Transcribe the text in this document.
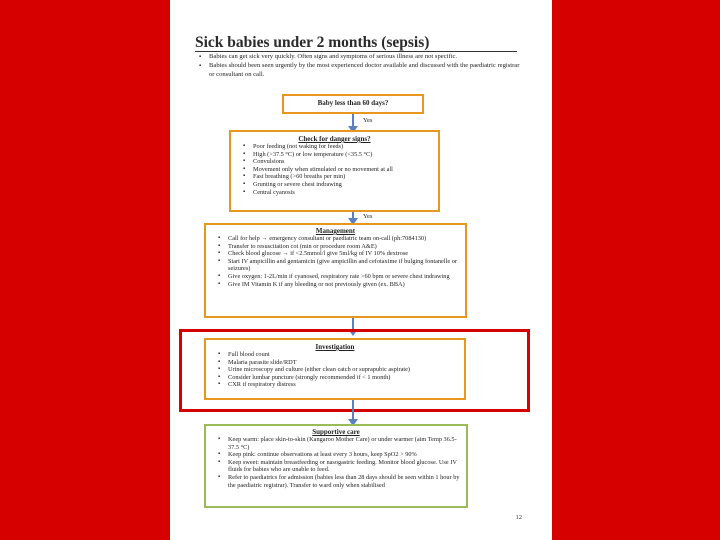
Sick babies under 2 months (sepsis)
▪ Babies can get sick very quickly. Often signs and symptoms of serious illness are not specific.
▪ Babies should been seen urgently by the most experienced doctor available and discussed with the paediatric registrar or consultant on call.
12
Baby less than 60 days?
Yes
Check for danger signs?
▪ Poor feeding (not waking for feeds)
▪ High (>37.5 °C) or low temperature (<35.5 °C)
▪ Convulsions
▪ Movement only when stimulated or no movement at all
▪ Fast breathing (>60 breaths per min)
▪ Grunting or severe chest indrawing
▪ Central cyanosis
Yes
Management
▪ Call for help → emergency consultant or paediatric team on-call (ph:7084130)
▪ Transfer to resuscitation cot (min or procedure room A&E)
▪ Check blood glucose → if <2.5mmol/l give 5ml/kg of IV 10% dextrose
▪ Start IV ampicillin and gentamicin (give ampicillin and cefotaxime if bulging fontanelle or seizures)
▪ Give oxygen: 1-2L/min if cyanosed, respiratory rate >60 bpm or severe chest indrawing
▪ Give IM Vitamin K if any bleeding or not previously given (ex. BBA)
Investigation
▪ Full blood count
▪ Malaria parasite slide/RDT
▪ Urine microscopy and culture (either clean catch or suprapubic aspirate)
▪ Consider lumbar puncture (strongly recommended if < 1 month)
▪ CXR if respiratory distress
Supportive care
▪ Keep warm: place skin-to-skin (Kangaroo Mother Care) or under warmer (aim Temp 36.5-37.5 °C)
▪ Keep pink: continue observations at least every 3 hours, keep SpO2 > 90%
▪ Keep sweet: maintain breastfeeding or nasogastric feeding. Monitor blood glucose. Use IV fluids for babies who are unable to feed.
▪ Refer to paediatrics for admission (babies less than 28 days should be seen within 1 hour by the paediatric registrar). Transfer to ward only when stabilised
